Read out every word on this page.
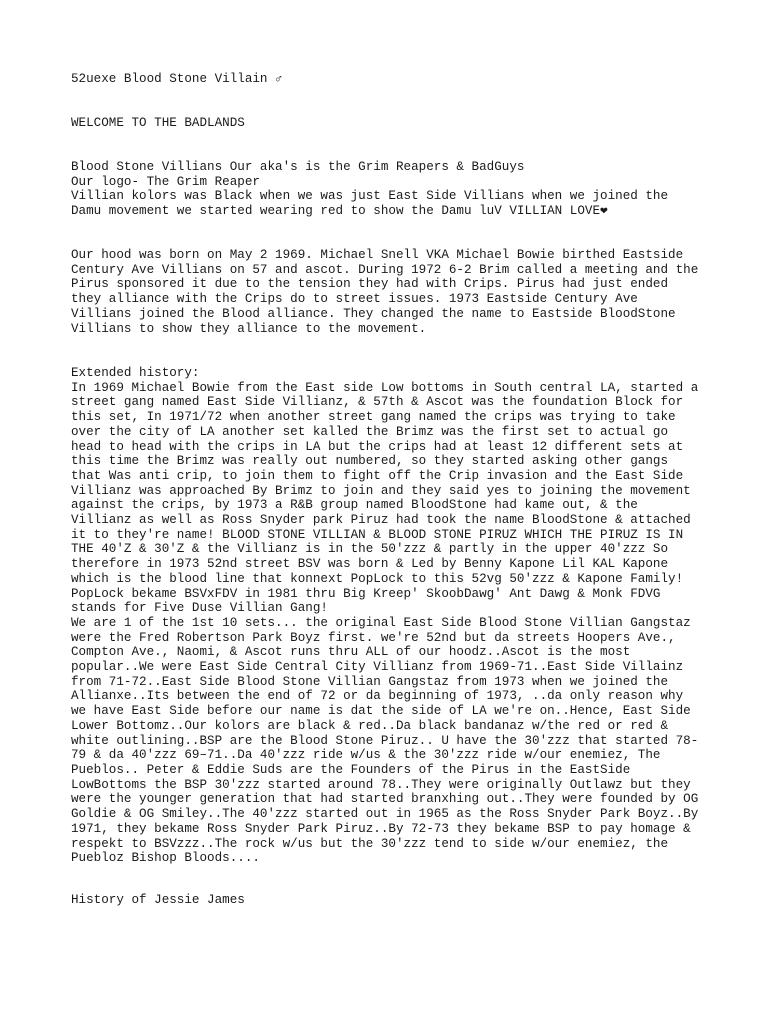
52uexe Blood Stone Villain ♂

WELCOME TO THE BADLANDS

Blood Stone Villians Our aka's is the Grim Reapers & BadGuys
Our logo- The Grim Reaper
Villian kolors was Black when we was just East Side Villians when we joined the
Damu movement we started wearing red to show the Damu luV VILLIAN LOVE❤

Our hood was born on May 2 1969. Michael Snell VKA Michael Bowie birthed Eastside
Century Ave Villians on 57 and ascot. During 1972 6-2 Brim called a meeting and the
Pirus sponsored it due to the tension they had with Crips. Pirus had just ended
they alliance with the Crips do to street issues. 1973 Eastside Century Ave
Villians joined the Blood alliance. They changed the name to Eastside BloodStone
Villians to show they alliance to the movement.

Extended history:
In 1969 Michael Bowie from the East side Low bottoms in South central LA, started a
street gang named East Side Villianz, & 57th & Ascot was the foundation Block for
this set, In 1971/72 when another street gang named the crips was trying to take
over the city of LA another set kalled the Brimz was the first set to actual go
head to head with the crips in LA but the crips had at least 12 different sets at
this time the Brimz was really out numbered, so they started asking other gangs
that Was anti crip, to join them to fight off the Crip invasion and the East Side
Villianz was approached By Brimz to join and they said yes to joining the movement
against the crips, by 1973 a R&B group named BloodStone had kame out, & the
Villianz as well as Ross Snyder park Piruz had took the name BloodStone & attached
it to they're name! BLOOD STONE VILLIAN & BLOOD STONE PIRUZ WHICH THE PIRUZ IS IN
THE 40'Z & 30'Z & the Villianz is in the 50'zzz & partly in the upper 40'zzz So
therefore in 1973 52nd street BSV was born & Led by Benny Kapone Lil KAL Kapone
which is the blood line that konnext PopLock to this 52vg 50'zzz & Kapone Family!
PopLock bekame BSVxFDV in 1981 thru Big Kreep' SkoobDawg' Ant Dawg & Monk FDVG
stands for Five Duse Villian Gang!
We are 1 of the 1st 10 sets... the original East Side Blood Stone Villian Gangstaz
were the Fred Robertson Park Boyz first. we're 52nd but da streets Hoopers Ave.,
Compton Ave., Naomi, & Ascot runs thru ALL of our hoodz..Ascot is the most
popular..We were East Side Central City Villianz from 1969-71..East Side Villainz
from 71-72..East Side Blood Stone Villian Gangstaz from 1973 when we joined the
Allianxe..Its between the end of 72 or da beginning of 1973, ..da only reason why
we have East Side before our name is dat the side of LA we're on..Hence, East Side
Lower Bottomz..Our kolors are black & red..Da black bandanaz w/the red or red &
white outlining..BSP are the Blood Stone Piruz.. U have the 30'zzz that started 78-
79 & da 40'zzz 69–71..Da 40'zzz ride w/us & the 30'zzz ride w/our enemiez, The
Pueblos.. Peter & Eddie Suds are the Founders of the Pirus in the EastSide
LowBottoms the BSP 30'zzz started around 78..They were originally Outlawz but they
were the younger generation that had started branxhing out..They were founded by OG
Goldie & OG Smiley..The 40'zzz started out in 1965 as the Ross Snyder Park Boyz..By
1971, they bekame Ross Snyder Park Piruz..By 72-73 they bekame BSP to pay homage &
respekt to BSVzzz..The rock w/us but the 30'zzz tend to side w/our enemiez, the
Puebloz Bishop Bloods....

History of Jessie James
